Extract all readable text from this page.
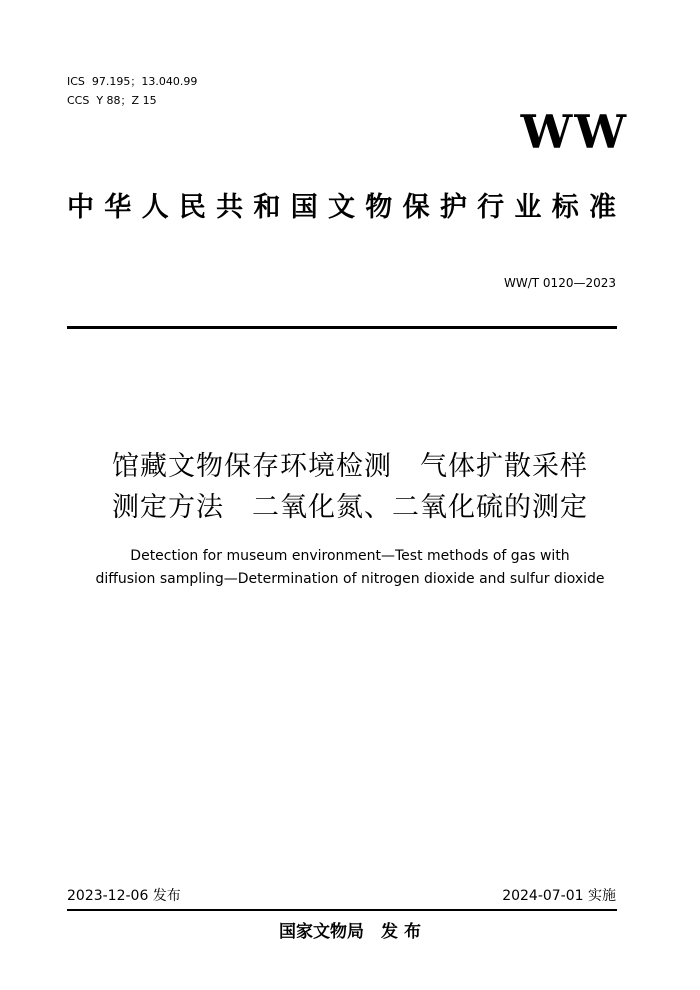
ICS  97.195；13.040.99
CCS  Y 88；Z 15
WW
中华人民共和国文物保护行业标准
WW/T 0120—2023
馆藏文物保存环境检测　气体扩散采样
测定方法　二氧化氮、二氧化硫的测定
Detection for museum environment—Test methods of gas with
diffusion sampling—Determination of nitrogen dioxide and sulfur dioxide
2023-12-06 发布	2024-07-01 实施
国家文物局　发 布
